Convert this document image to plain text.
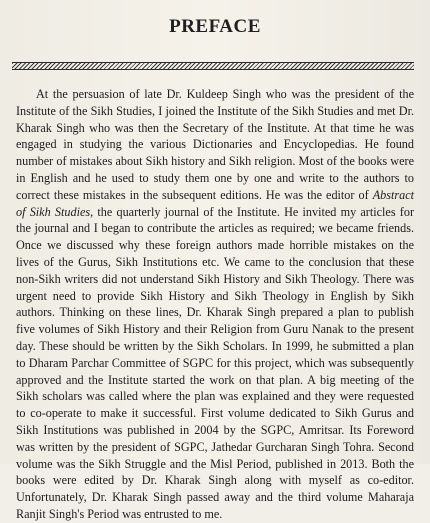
PREFACE

At the persuasion of late Dr. Kuldeep Singh who was the president of the Institute of the Sikh Studies, I joined the Institute of the Sikh Studies and met Dr. Kharak Singh who was then the Secretary of the Institute. At that time he was engaged in studying the various Dictionaries and Encyclopedias. He found number of mistakes about Sikh history and Sikh religion. Most of the books were in English and he used to study them one by one and write to the authors to correct these mistakes in the subsequent editions. He was the editor of Abstract of Sikh Studies, the quarterly journal of the Institute. He invited my articles for the journal and I began to contribute the articles as required; we became friends. Once we discussed why these foreign authors made horrible mistakes on the lives of the Gurus, Sikh Institutions etc. We came to the conclusion that these non-Sikh writers did not understand Sikh History and Sikh Theology. There was urgent need to provide Sikh History and Sikh Theology in English by Sikh authors. Thinking on these lines, Dr. Kharak Singh prepared a plan to publish five volumes of Sikh History and their Religion from Guru Nanak to the present day. These should be written by the Sikh Scholars. In 1999, he submitted a plan to Dharam Parchar Committee of SGPC for this project, which was subsequently approved and the Institute started the work on that plan. A big meeting of the Sikh scholars was called where the plan was explained and they were requested to co-operate to make it successful. First volume dedicated to Sikh Gurus and Sikh Institutions was published in 2004 by the SGPC, Amritsar. Its Foreword was written by the president of SGPC, Jathedar Gurcharan Singh Tohra. Second volume was the Sikh Struggle and the Misl Period, published in 2013. Both the books were edited by Dr. Kharak Singh along with myself as co-editor. Unfortunately, Dr. Kharak Singh passed away and the third volume Maharaja Ranjit Singh's Period was entrusted to me.
